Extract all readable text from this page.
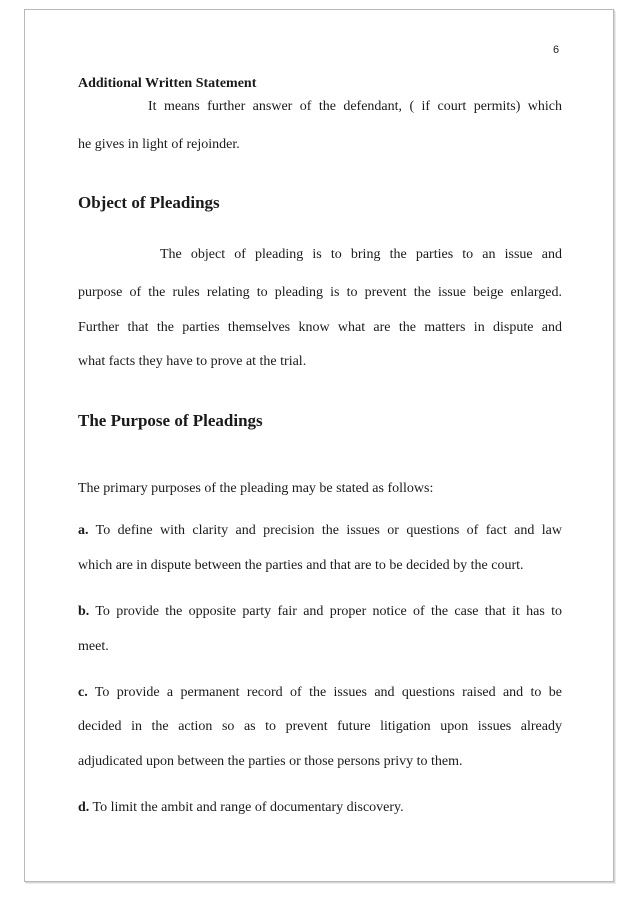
6
Additional Written Statement
It means further answer of the defendant, ( if court permits) which
he gives in light of rejoinder.
Object of Pleadings
The object of pleading is to bring the parties to an issue and
purpose of the rules relating to pleading is to prevent the issue beige enlarged.
Further that the parties themselves know what are the matters in dispute and
what facts they have to prove at the trial.
The Purpose of Pleadings
The primary purposes of the pleading may be stated as follows:
a. To define with clarity and precision the issues or questions of fact and law
which are in dispute between the parties and that are to be decided by the court.
b. To provide the opposite party fair and proper notice of the case that it has to
meet.
c. To provide a permanent record of the issues and questions raised and to be
decided in the action so as to prevent future litigation upon issues already
adjudicated upon between the parties or those persons privy to them.
d. To limit the ambit and range of documentary discovery.
